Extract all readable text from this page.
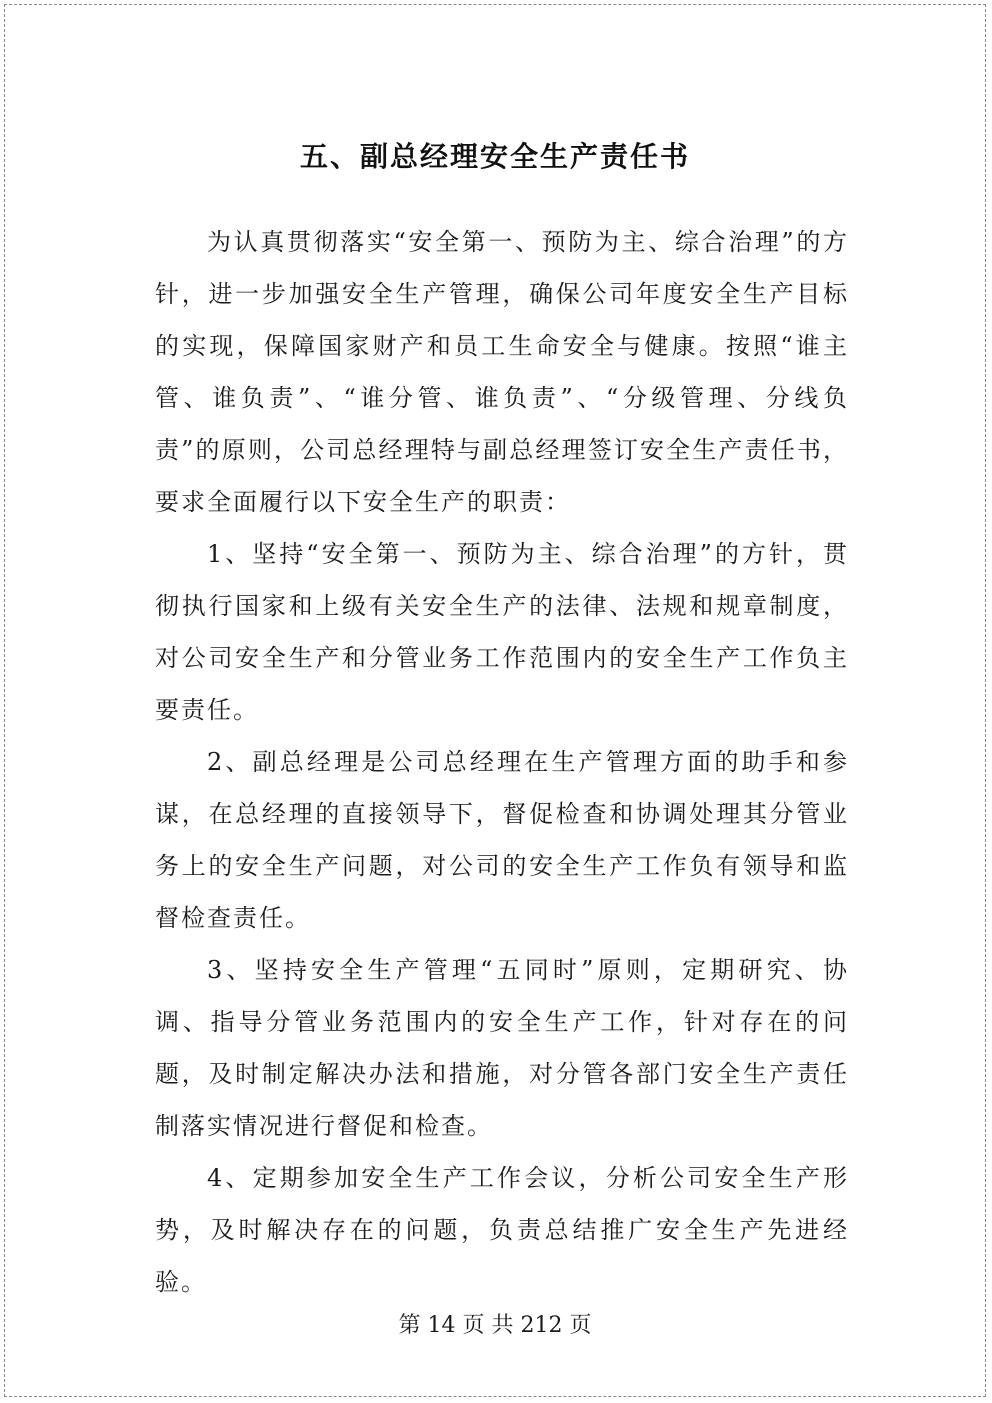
五、副总经理安全生产责任书

为认真贯彻落实“安全第一、预防为主、综合治理”的方针，进一步加强安全生产管理，确保公司年度安全生产目标的实现，保障国家财产和员工生命安全与健康。按照“谁主管、谁负责”、“谁分管、谁负责”、“分级管理、分线负责”的原则，公司总经理特与副总经理签订安全生产责任书，要求全面履行以下安全生产的职责：

1、坚持“安全第一、预防为主、综合治理”的方针，贯彻执行国家和上级有关安全生产的法律、法规和规章制度，对公司安全生产和分管业务工作范围内的安全生产工作负主要责任。

2、副总经理是公司总经理在生产管理方面的助手和参谋，在总经理的直接领导下，督促检查和协调处理其分管业务上的安全生产问题，对公司的安全生产工作负有领导和监督检查责任。

3、坚持安全生产管理“五同时”原则，定期研究、协调、指导分管业务范围内的安全生产工作，针对存在的问题，及时制定解决办法和措施，对分管各部门安全生产责任制落实情况进行督促和检查。

4、定期参加安全生产工作会议，分析公司安全生产形势，及时解决存在的问题，负责总结推广安全生产先进经验。

第 14 页 共 212 页
